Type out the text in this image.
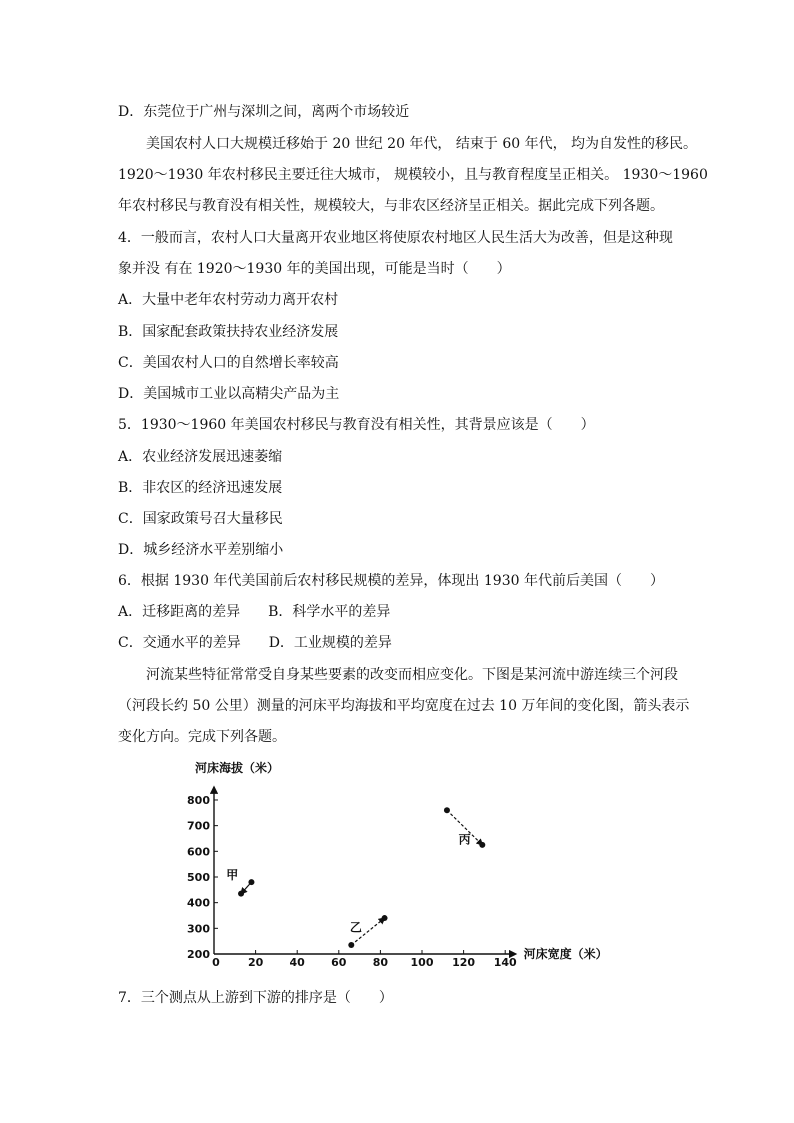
D．东莞位于广州与深圳之间，离两个市场较近
美国农村人口大规模迁移始于 20 世纪 20 年代， 结束于 60 年代， 均为自发性的移民。
1920～1930 年农村移民主要迁往大城市， 规模较小，且与教育程度呈正相关。 1930～1960
年农村移民与教育没有相关性，规模较大，与非农区经济呈正相关。据此完成下列各题。
4．一般而言，农村人口大量离开农业地区将使原农村地区人民生活大为改善，但是这种现
象并没 有在 1920～1930 年的美国出现，可能是当时（　　）
A．大量中老年农村劳动力离开农村
B．国家配套政策扶持农业经济发展
C．美国农村人口的自然增长率较高
D．美国城市工业以高精尖产品为主
5．1930～1960 年美国农村移民与教育没有相关性，其背景应该是（　　）
A．农业经济发展迅速萎缩
B．非农区的经济迅速发展
C．国家政策号召大量移民
D．城乡经济水平差别缩小
6．根据 1930 年代美国前后农村移民规模的差异，体现出 1930 年代前后美国（　　）
A．迁移距离的差异　　B．科学水平的差异
C．交通水平的差异　　D．工业规模的差异
河流某些特征常常受自身某些要素的改变而相应变化。下图是某河流中游连续三个河段
（河段长约 50 公里）测量的河床平均海拔和平均宽度在过去 10 万年间的变化图，箭头表示
变化方向。完成下列各题。
7．三个测点从上游到下游的排序是（　　）
河床海拔（米）
河床宽度（米）
0	20 40 60 80 100 120 140
200
300
400
500
600
700
800
甲
乙
丙
